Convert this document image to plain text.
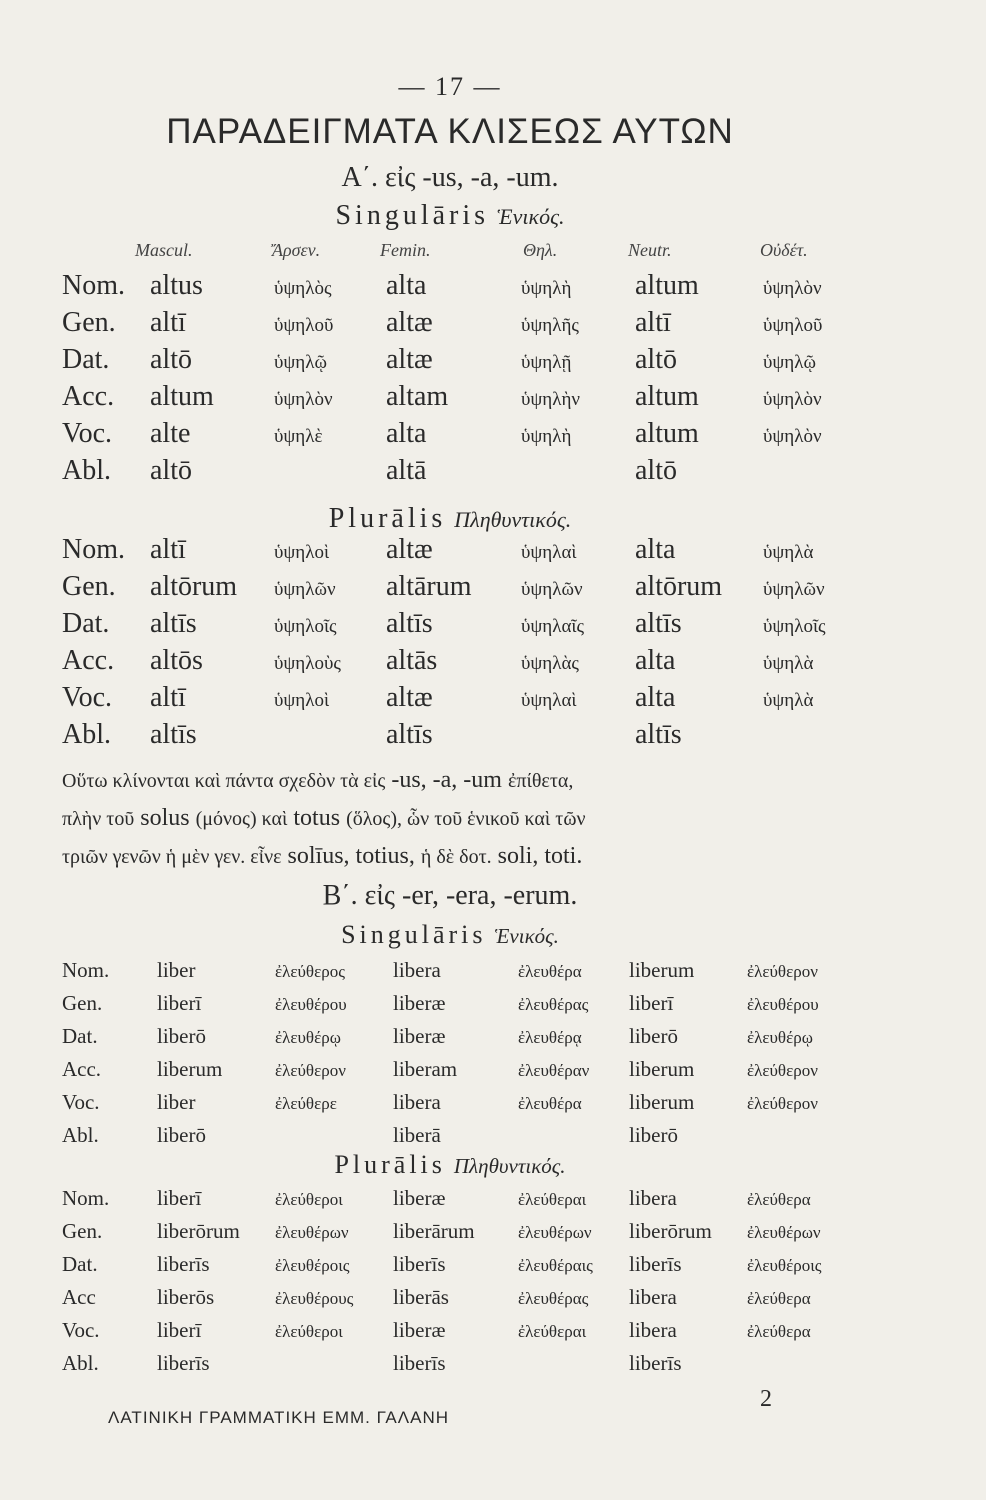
— 17 —
ΠΑΡΑΔΕΙΓΜΑΤΑ ΚΛΙΣΕΩΣ ΑΥΤΩΝ
Α΄. εἰς -us, -a, -um.
Singulāris Ἑνικός.
Mascul.	Ἄρσεν.	Femin.	Θηλ.	Neutr.	Οὐδέτ.
Nom.	altus	ὑψηλὸς	alta	ὑψηλὴ	altum	ὑψηλὸν
Gen.	altī	ὑψηλοῦ	altæ	ὑψηλῆς	altī	ὑψηλοῦ
Dat.	altō	ὑψηλῷ	altæ	ὑψηλῇ	altō	ὑψηλῷ
Acc.	altum	ὑψηλὸν	altam	ὑψηλὴν	altum	ὑψηλὸν
Voc.	alte	ὑψηλὲ	alta	ὑψηλὴ	altum	ὑψηλὸν
Abl.	altō		altā		altō	
Plurālis Πληθυντικός.
Nom.	altī	ὑψηλοὶ	altæ	ὑψηλαὶ	alta	ὑψηλὰ
Gen.	altōrum	ὑψηλῶν	altārum	ὑψηλῶν	altōrum	ὑψηλῶν
Dat.	altīs	ὑψηλοῖς	altīs	ὑψηλαῖς	altīs	ὑψηλοῖς
Acc.	altōs	ὑψηλοὺς	altās	ὑψηλὰς	alta	ὑψηλὰ
Voc.	altī	ὑψηλοὶ	altæ	ὑψηλαὶ	alta	ὑψηλὰ
Abl.	altīs		altīs		altīs	
Οὕτω κλίνονται καὶ πάντα σχεδὸν τὰ εἰς -us, -a, -um ἐπίθετα,
πλὴν τοῦ solus (μόνος) καὶ totus (ὅλος), ὧν τοῦ ἑνικοῦ καὶ τῶν
τριῶν γενῶν ἡ μὲν γεν. εἶνε solīus, totius, ἡ δὲ δοτ. soli, toti.
Β΄. εἰς -er, -era, -erum.
Singulāris Ἑνικός.
Nom.	liber	ἐλεύθερος	libera	ἐλευθέρα	liberum	ἐλεύθερον
Gen.	liberī	ἐλευθέρου	liberæ	ἐλευθέρας	liberī	ἐλευθέρου
Dat.	liberō	ἐλευθέρῳ	liberæ	ἐλευθέρᾳ	liberō	ἐλευθέρῳ
Acc.	liberum	ἐλεύθερον	liberam	ἐλευθέραν	liberum	ἐλεύθερον
Voc.	liber	ἐλεύθερε	libera	ἐλευθέρα	liberum	ἐλεύθερον
Abl.	liberō		liberā		liberō	
Plurālis Πληθυντικός.
Nom.	liberī	ἐλεύθεροι	liberæ	ἐλεύθεραι	libera	ἐλεύθερα
Gen.	liberōrum	ἐλευθέρων	liberārum	ἐλευθέρων	liberōrum	ἐλευθέρων
Dat.	liberīs	ἐλευθέροις	liberīs	ἐλευθέραις	liberīs	ἐλευθέροις
Acc	liberōs	ἐλευθέρους	liberās	ἐλευθέρας	libera	ἐλεύθερα
Voc.	liberī	ἐλεύθεροι	liberæ	ἐλεύθεραι	libera	ἐλεύθερα
Abl.	liberīs		liberīs		liberīs	
ΛΑΤΙΝΙΚΗ ΓΡΑΜΜΑΤΙΚΗ ΕΜΜ. ΓΑΛΑΝΗ
2
